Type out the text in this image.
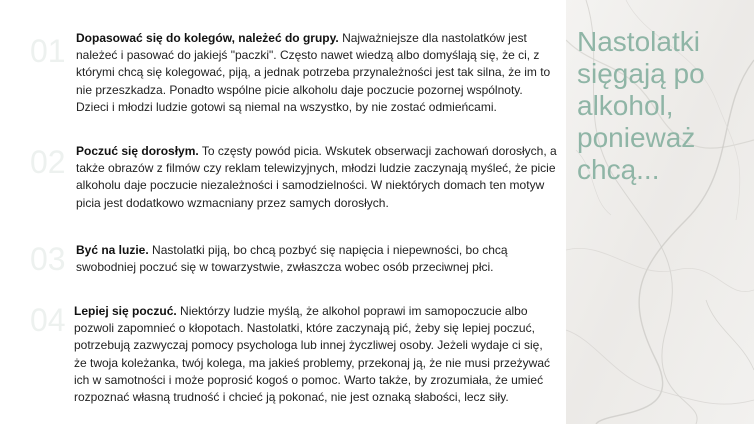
01 Dopasować się do kolegów, należeć do grupy. Najważniejsze dla nastolatków jest należeć i pasować do jakiejś "paczki". Często nawet wiedzą albo domyślają się, że ci, z którymi chcą się kolegować, piją, a jednak potrzeba przynależności jest tak silna, że im to nie przeszkadza. Ponadto wspólne picie alkoholu daje poczucie pozornej wspólnoty. Dzieci i młodzi ludzie gotowi są niemal na wszystko, by nie zostać odmieńcami.
02 Poczuć się dorosłym. To częsty powód picia. Wskutek obserwacji zachowań dorosłych, a także obrazów z filmów czy reklam telewizyjnych, młodzi ludzie zaczynają myśleć, że picie alkoholu daje poczucie niezależności i samodzielności. W niektórych domach ten motyw picia jest dodatkowo wzmacniany przez samych dorosłych.
03 Być na luzie. Nastolatki piją, bo chcą pozbyć się napięcia i niepewności, bo chcą swobodniej poczuć się w towarzystwie, zwłaszcza wobec osób przeciwnej płci.
04 Lepiej się poczuć. Niektórzy ludzie myślą, że alkohol poprawi im samopoczucie albo pozwoli zapomnieć o kłopotach. Nastolatki, które zaczynają pić, żeby się lepiej poczuć, potrzebują zazwyczaj pomocy psychologa lub innej życzliwej osoby. Jeżeli wydaje ci się, że twoja koleżanka, twój kolega, ma jakieś problemy, przekonaj ją, że nie musi przeżywać ich w samotności i może poprosić kogoś o pomoc. Warto także, by zrozumiała, że umieć rozpoznać własną trudność i chcieć ją pokonać, nie jest oznaką słabości, lecz siły.
Nastolatki
sięgają po
alkohol,
ponieważ
chcą...
